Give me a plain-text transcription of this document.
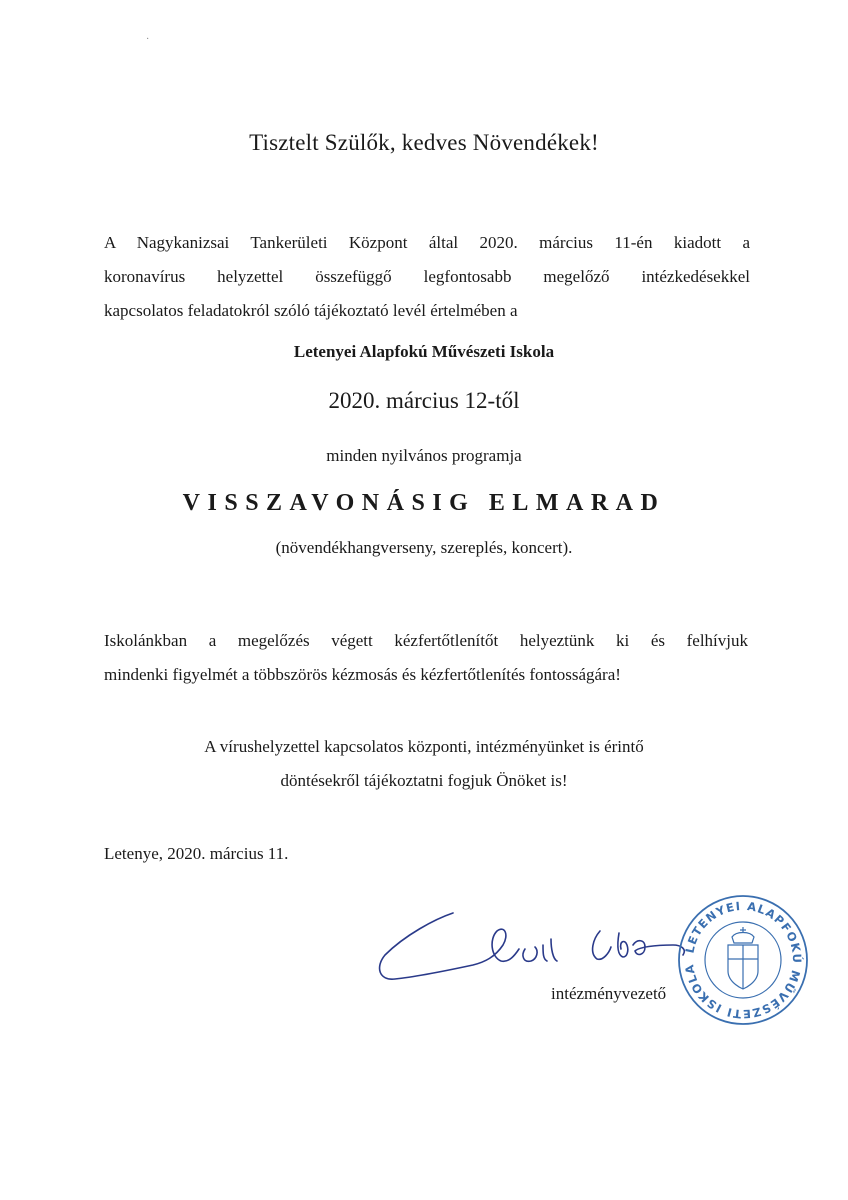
·
Tisztelt Szülők, kedves Növendékek!
A Nagykanizsai Tankerületi Központ által 2020. március 11-én kiadott a
koronavírus helyzettel összefüggő legfontosabb megelőző intézkedésekkel
kapcsolatos feladatokról szóló tájékoztató levél értelmében a
Letenyei Alapfokú Művészeti Iskola
2020. március 12-től
minden nyilvános programja
VISSZAVONÁSIG ELMARAD
(növendékhangverseny, szereplés, koncert).
Iskolánkban a megelőzés végett kézfertőtlenítőt helyeztünk ki és felhívjuk
mindenki figyelmét a többszörös kézmosás és kézfertőtlenítés fontosságára!
A vírushelyzettel kapcsolatos központi, intézményünket is érintő
döntésekről tájékoztatni fogjuk Önöket is!
Letenye, 2020. március 11.
LETENYEI ALAPFOKÚ MŰVÉSZETI ISKOLA
intézményvezető
